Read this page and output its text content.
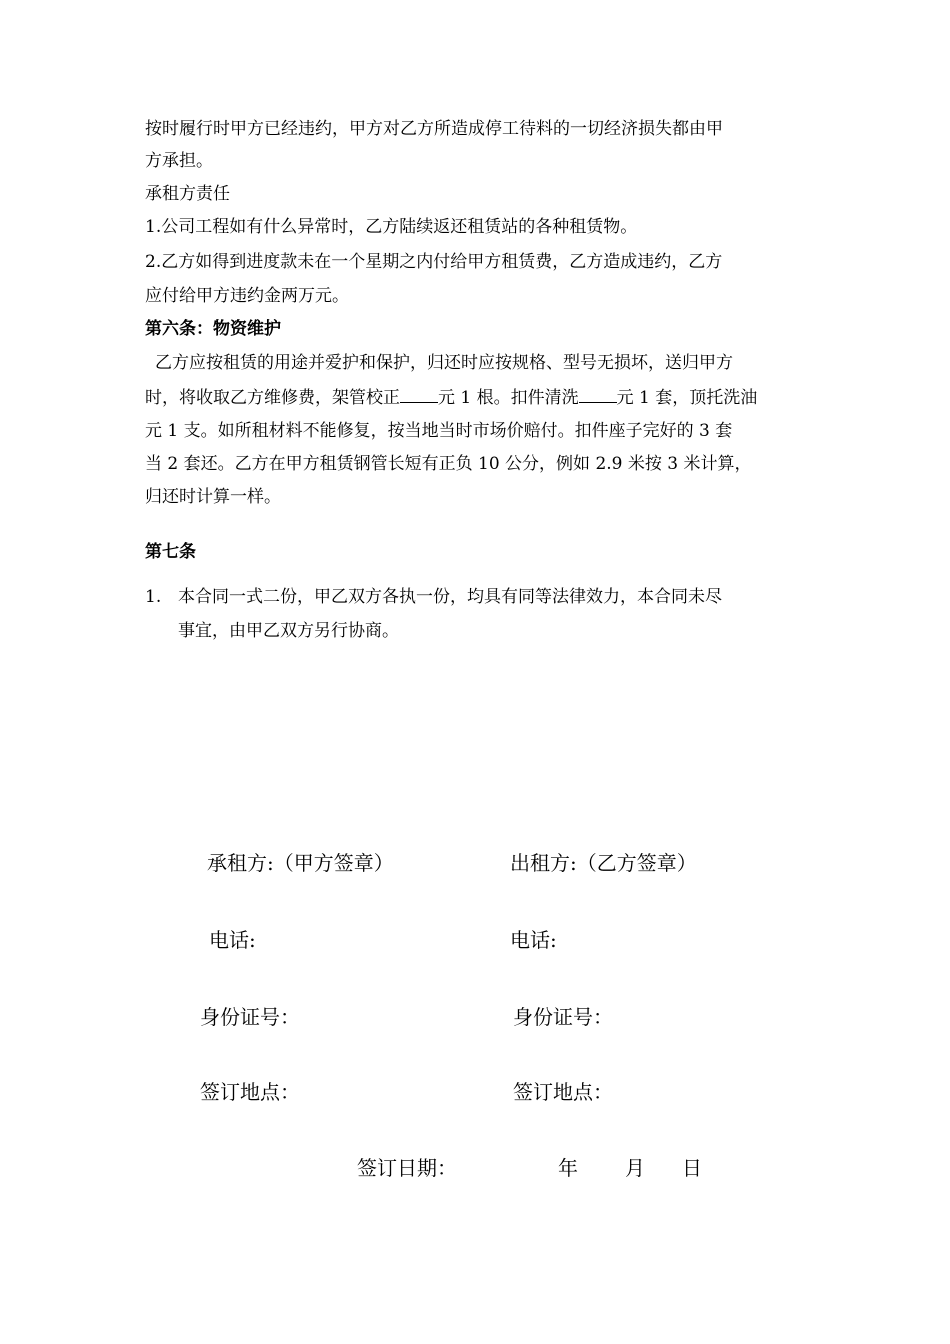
按时履行时甲方已经违约，甲方对乙方所造成停工待料的一切经济损失都由甲
方承担。
承租方责任
1.公司工程如有什么异常时，乙方陆续返还租赁站的各种租赁物。
2.乙方如得到进度款未在一个星期之内付给甲方租赁费，乙方造成违约，乙方
应付给甲方违约金两万元。
第六条：物资维护
乙方应按租赁的用途并爱护和保护，归还时应按规格、型号无损坏，送归甲方
时，将收取乙方维修费，架管校正 元 1 根。扣件清洗 元 1 套，顶托洗油
元 1 支。如所租材料不能修复，按当地当时市场价赔付。扣件座子完好的 3 套
当 2 套还。乙方在甲方租赁钢管长短有正负 10 公分，例如 2.9 米按 3 米计算，
归还时计算一样。
第七条
1. 本合同一式二份，甲乙双方各执一份，均具有同等法律效力，本合同未尽
事宜，由甲乙双方另行协商。
承租方:（甲方签章）	出租方:（乙方签章）
电话:	电话:
身份证号：	身份证号：
签订地点：	签订地点：
签订日期：	年 月 日
